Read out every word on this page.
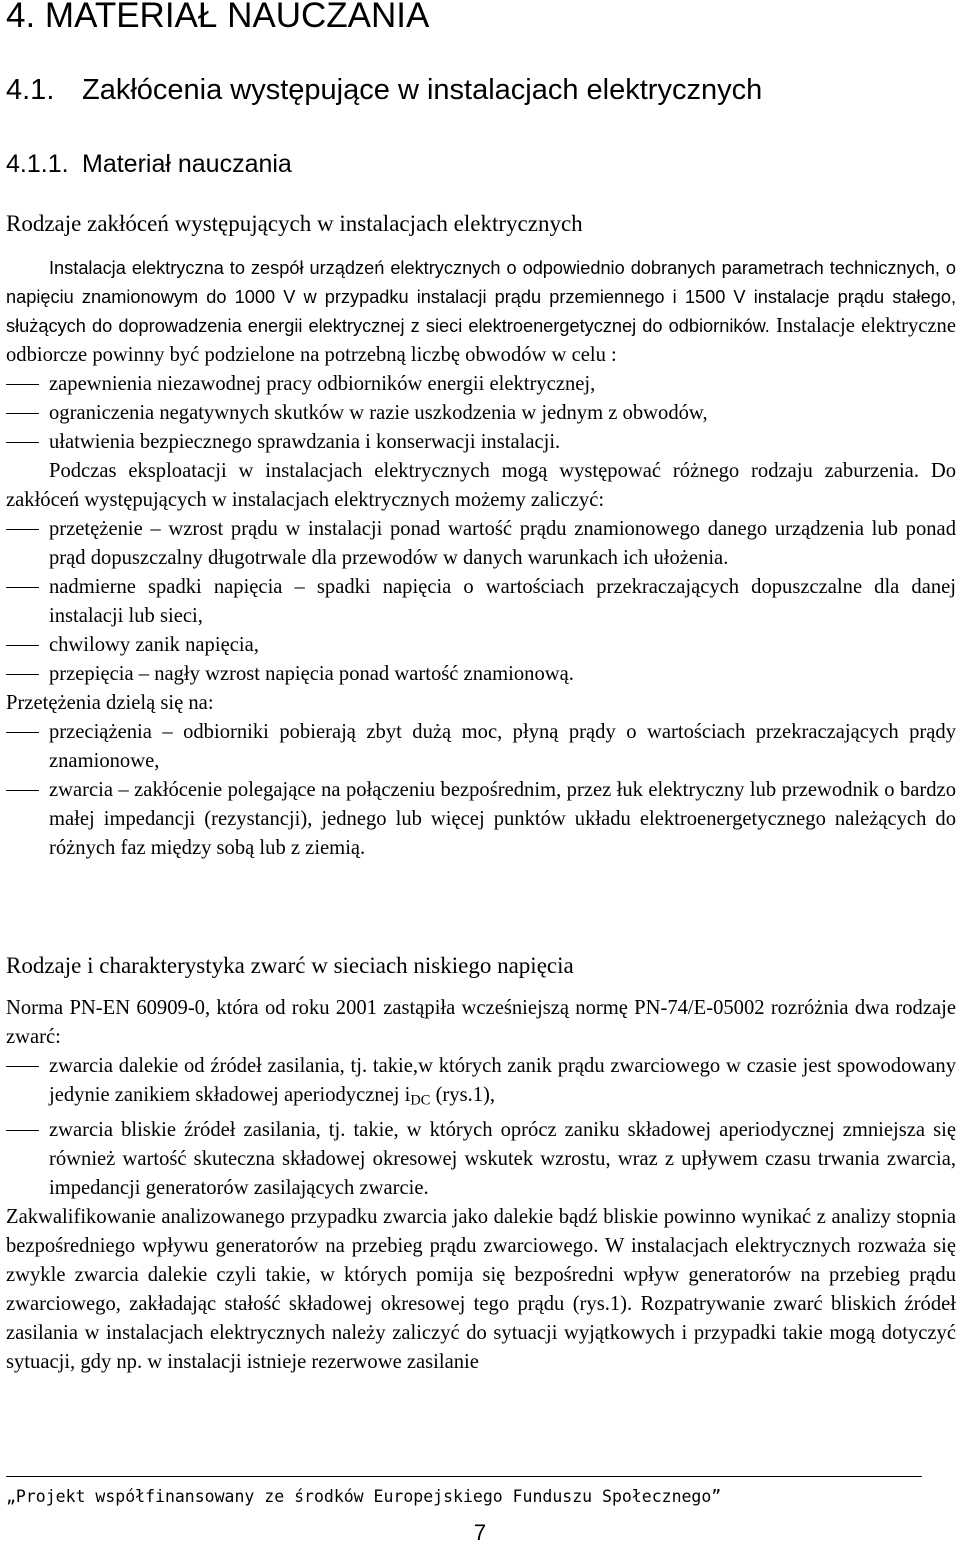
4. MATERIAŁ NAUCZANIA
4.1. Zakłócenia występujące w instalacjach elektrycznych
4.1.1. Materiał nauczania
Rodzaje zakłóceń występujących w instalacjach elektrycznych

Instalacja elektryczna to zespół urządzeń elektrycznych o odpowiednio dobranych parametrach technicznych, o napięciu znamionowym do 1000 V w przypadku instalacji prądu przemiennego i 1500 V instalacje prądu stałego, służących do doprowadzenia energii elektrycznej z sieci elektroenergetycznej do odbiorników. Instalacje elektryczne odbiorcze powinny być podzielone na potrzebną liczbę obwodów w celu :

zapewnienia niezawodnej pracy odbiorników energii elektrycznej,

ograniczenia negatywnych skutków w razie uszkodzenia w jednym z obwodów,

ułatwienia bezpiecznego sprawdzania i konserwacji instalacji.

Podczas eksploatacji w instalacjach elektrycznych mogą występować różnego rodzaju zaburzenia. Do zakłóceń występujących w instalacjach elektrycznych możemy zaliczyć:

przetężenie – wzrost prądu w instalacji ponad wartość prądu znamionowego danego urządzenia lub ponad prąd dopuszczalny długotrwale dla przewodów w danych warunkach ich ułożenia.

nadmierne spadki napięcia – spadki napięcia o wartościach przekraczających dopuszczalne dla danej instalacji lub sieci,

chwilowy zanik napięcia,

przepięcia – nagły wzrost napięcia ponad wartość znamionową.

Przetężenia dzielą się na:

przeciążenia – odbiorniki pobierają zbyt dużą moc, płyną prądy o wartościach przekraczających prądy znamionowe,

zwarcia – zakłócenie polegające na połączeniu bezpośrednim, przez łuk elektryczny lub przewodnik o bardzo małej impedancji (rezystancji), jednego lub więcej punktów układu elektroenergetycznego należących do różnych faz między sobą lub z ziemią.

Rodzaje i charakterystyka zwarć w sieciach niskiego napięcia

Norma PN-EN 60909-0, która od roku 2001 zastąpiła wcześniejszą normę PN-74/E-05002 rozróżnia dwa rodzaje zwarć:

zwarcia dalekie od źródeł zasilania, tj. takie,w których zanik prądu zwarciowego w czasie jest spowodowany jedynie zanikiem składowej aperiodycznej $i_{DC}$ (rys.1),

zwarcia bliskie źródeł zasilania, tj. takie, w których oprócz zaniku składowej aperiodycznej zmniejsza się również wartość skuteczna składowej okresowej wskutek wzrostu, wraz z upływem czasu trwania zwarcia, impedancji generatorów zasilających zwarcie.

Zakwalifikowanie analizowanego przypadku zwarcia jako dalekie bądź bliskie powinno wynikać z analizy stopnia bezpośredniego wpływu generatorów na przebieg prądu zwarciowego. W instalacjach elektrycznych rozważa się zwykle zwarcia dalekie czyli takie, w których pomija się bezpośredni wpływ generatorów na przebieg prądu zwarciowego, zakładając stałość składowej okresowej tego prądu (rys.1). Rozpatrywanie zwarć bliskich źródeł zasilania w instalacjach elektrycznych należy zaliczyć do sytuacji wyjątkowych i przypadki takie mogą dotyczyć sytuacji, gdy np. w instalacji istnieje rezerwowe zasilanie

„Projekt współfinansowany ze środków Europejskiego Funduszu Społecznego”
7
